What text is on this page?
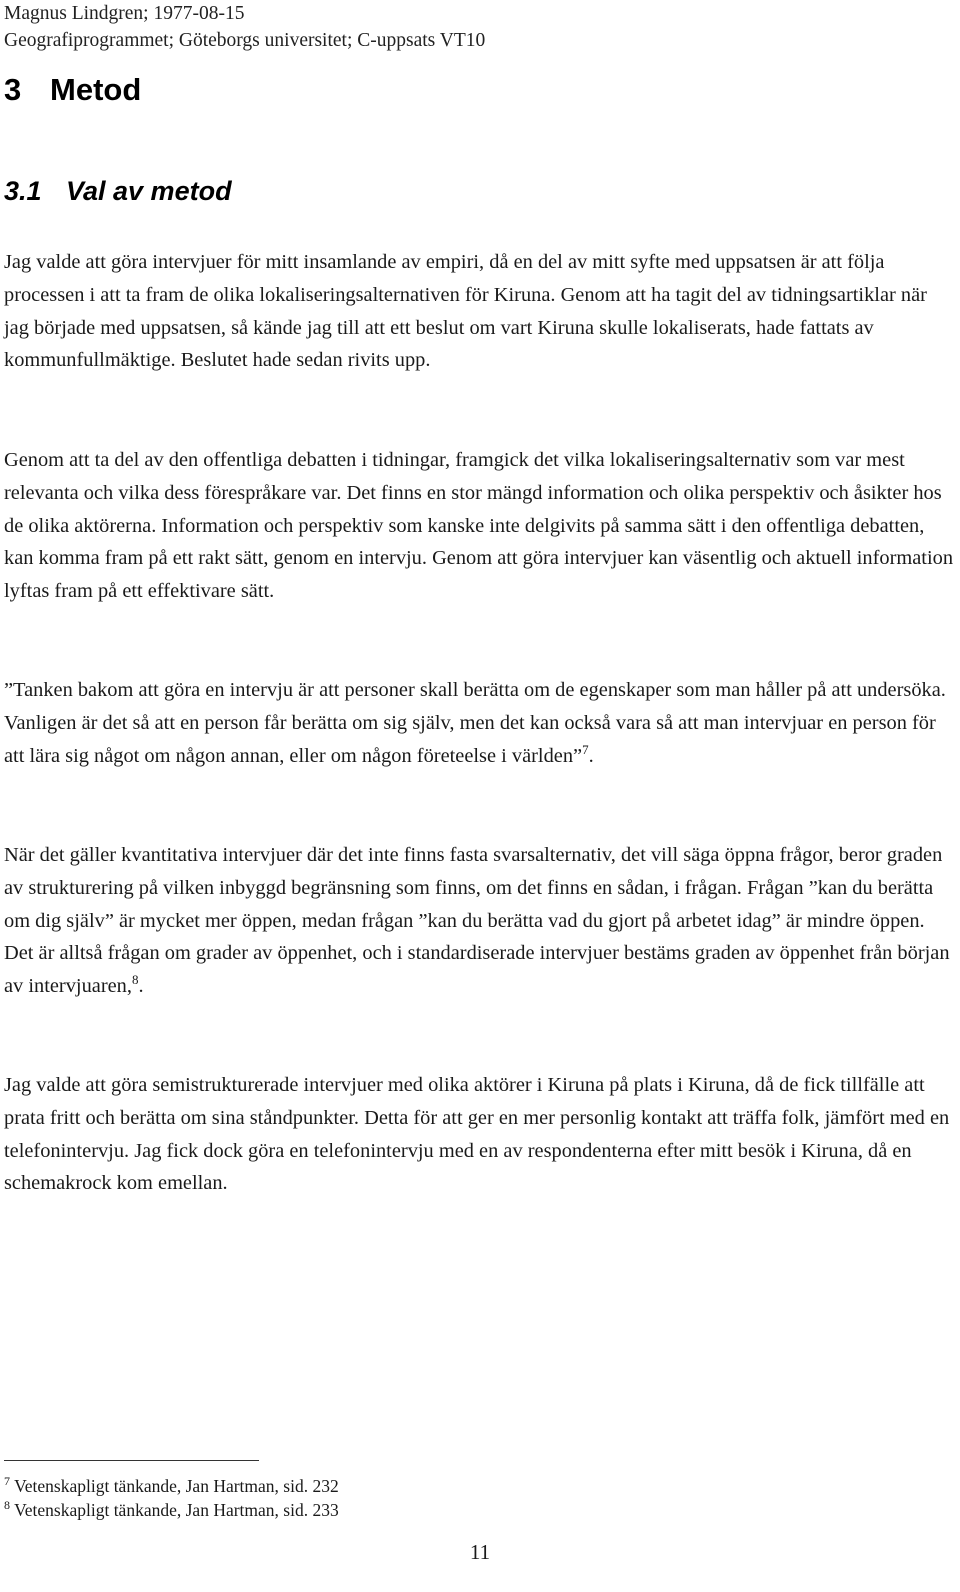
Magnus Lindgren; 1977-08-15
Geografiprogrammet; Göteborgs universitet; C-uppsats VT10
3 Metod
3.1 Val av metod

Jag valde att göra intervjuer för mitt insamlande av empiri, då en del av mitt syfte med uppsatsen är att följa processen i att ta fram de olika lokaliseringsalternativen för Kiruna. Genom att ha tagit del av tidningsartiklar när jag började med uppsatsen, så kände jag till att ett beslut om vart Kiruna skulle lokaliserats, hade fattats av kommunfullmäktige. Beslutet hade sedan rivits upp.

Genom att ta del av den offentliga debatten i tidningar, framgick det vilka lokaliseringsalternativ som var mest relevanta och vilka dess förespråkare var. Det finns en stor mängd information och olika perspektiv och åsikter hos de olika aktörerna. Information och perspektiv som kanske inte delgivits på samma sätt i den offentliga debatten, kan komma fram på ett rakt sätt, genom en intervju. Genom att göra intervjuer kan väsentlig och aktuell information lyftas fram på ett effektivare sätt.

”Tanken bakom att göra en intervju är att personer skall berätta om de egenskaper som man håller på att undersöka. Vanligen är det så att en person får berätta om sig själv, men det kan också vara så att man intervjuar en person för att lära sig något om någon annan, eller om någon företeelse i världen”$^7$.

När det gäller kvantitativa intervjuer där det inte finns fasta svarsalternativ, det vill säga öppna frågor, beror graden av strukturering på vilken inbyggd begränsning som finns, om det finns en sådan, i frågan. Frågan ”kan du berätta om dig själv” är mycket mer öppen, medan frågan ”kan du berätta vad du gjort på arbetet idag” är mindre öppen. Det är alltså frågan om grader av öppenhet, och i standardiserade intervjuer bestäms graden av öppenhet från början av intervjuaren,$^8$.

Jag valde att göra semistrukturerade intervjuer med olika aktörer i Kiruna på plats i Kiruna, då de fick tillfälle att prata fritt och berätta om sina ståndpunkter. Detta för att ger en mer personlig kontakt att träffa folk, jämfört med en telefonintervju. Jag fick dock göra en telefonintervju med en av respondenterna efter mitt besök i Kiruna, då en schemakrock kom emellan.

$^7$ Vetenskapligt tänkande, Jan Hartman, sid. 232
$^8$ Vetenskapligt tänkande, Jan Hartman, sid. 233
11
